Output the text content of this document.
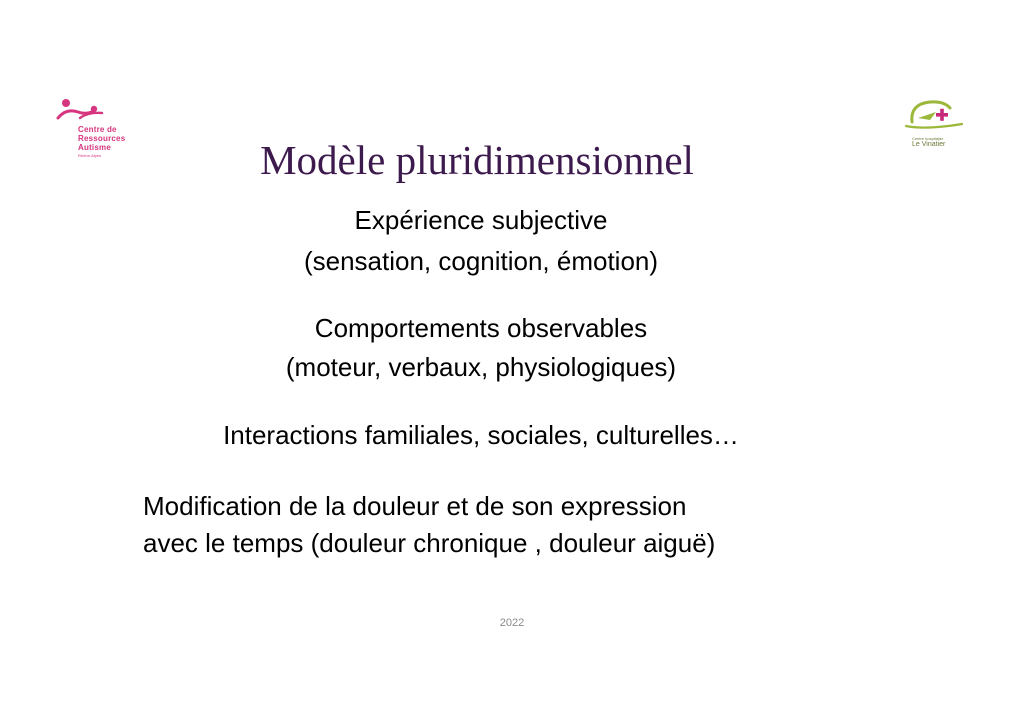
Centre de
Ressources
Autisme
Rhône-Alpes
Centre hospitalier
Le Vinatier
Modèle pluridimensionnel
Expérience subjective
(sensation, cognition, émotion)
Comportements observables
(moteur, verbaux, physiologiques)
Interactions familiales, sociales, culturelles…
Modification de la douleur et de son expression
avec le temps (douleur chronique , douleur aiguë)
2022
